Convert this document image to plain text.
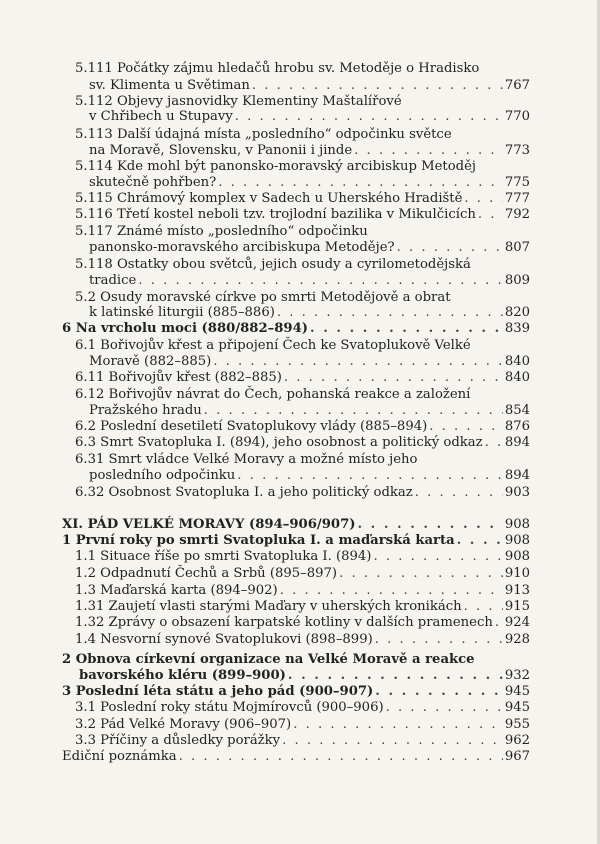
5.111 Počátky zájmu hledačů hrobu sv. Metoděje o Hradisko
sv. Klimenta u Světiman . . .	767
5.112 Objevy jasnovidky Klementiny Maštalířové
v Chřibech u Stupavy . . .	770
5.113 Další údajná místa „posledního“ odpočinku světce
na Moravě, Slovensku, v Panonii i jinde . . .	773
5.114 Kde mohl být panonsko-moravský arcibiskup Metoděj
skutečně pohřben? . . .	775
5.115 Chrámový komplex v Sadech u Uherského Hradiště . . .	777
5.116 Třetí kostel neboli tzv. trojlodní bazilika v Mikulčicích . . . 792
5.117 Známé místo „posledního“ odpočinku
panonsko-moravského arcibiskupa Metoděje? . . .	807
5.118 Ostatky obou světců, jejich osudy a cyrilometodějská
tradice . . .	809
5.2 Osudy moravské církve po smrti Metodějově a obrat
k latinské liturgii (885–886) . . .	820
6 Na vrcholu moci (880/882–894) . . .	839
6.1 Bořivojův křest a připojení Čech ke Svatoplukově Velké
Moravě (882–885) . . .	840
6.11 Bořivojův křest (882–885) . . .	840
6.12 Bořivojův návrat do Čech, pohanská reakce a založení
Pražského hradu . . .	854
6.2 Poslední desetiletí Svatoplukovy vlády (885–894) . . .	876
6.3 Smrt Svatopluka I. (894), jeho osobnost a politický odkaz . . . 894
6.31 Smrt vládce Velké Moravy a možné místo jeho
posledního odpočinku . . .	894
6.32 Osobnost Svatopluka I. a jeho politický odkaz . . .	903
XI. PÁD VELKÉ MORAVY (894–906/907) . . .	908
1 První roky po smrti Svatopluka I. a maďarská karta . . .	908
1.1 Situace říše po smrti Svatopluka I. (894) . . .	908
1.2 Odpadnutí Čechů a Srbů (895–897) . . .	910
1.3 Maďarská karta (894–902) . . .	913
1.31 Zaujetí vlasti starými Maďary v uherských kronikách . . .	915
1.32 Zprávy o obsazení karpatské kotliny v dalších pramenech . . . 924
1.4 Nesvorní synové Svatoplukovi (898–899) . . .	928
2 Obnova církevní organizace na Velké Moravě a reakce
bavorského kléru (899–900) . . .	932
3 Poslední léta státu a jeho pád (900–907) . . .	945
3.1 Poslední roky státu Mojmírovců (900–906) . . .	945
3.2 Pád Velké Moravy (906–907) . . .	955
3.3 Příčiny a důsledky porážky . . .	962
Ediční poznámka . . .	967
